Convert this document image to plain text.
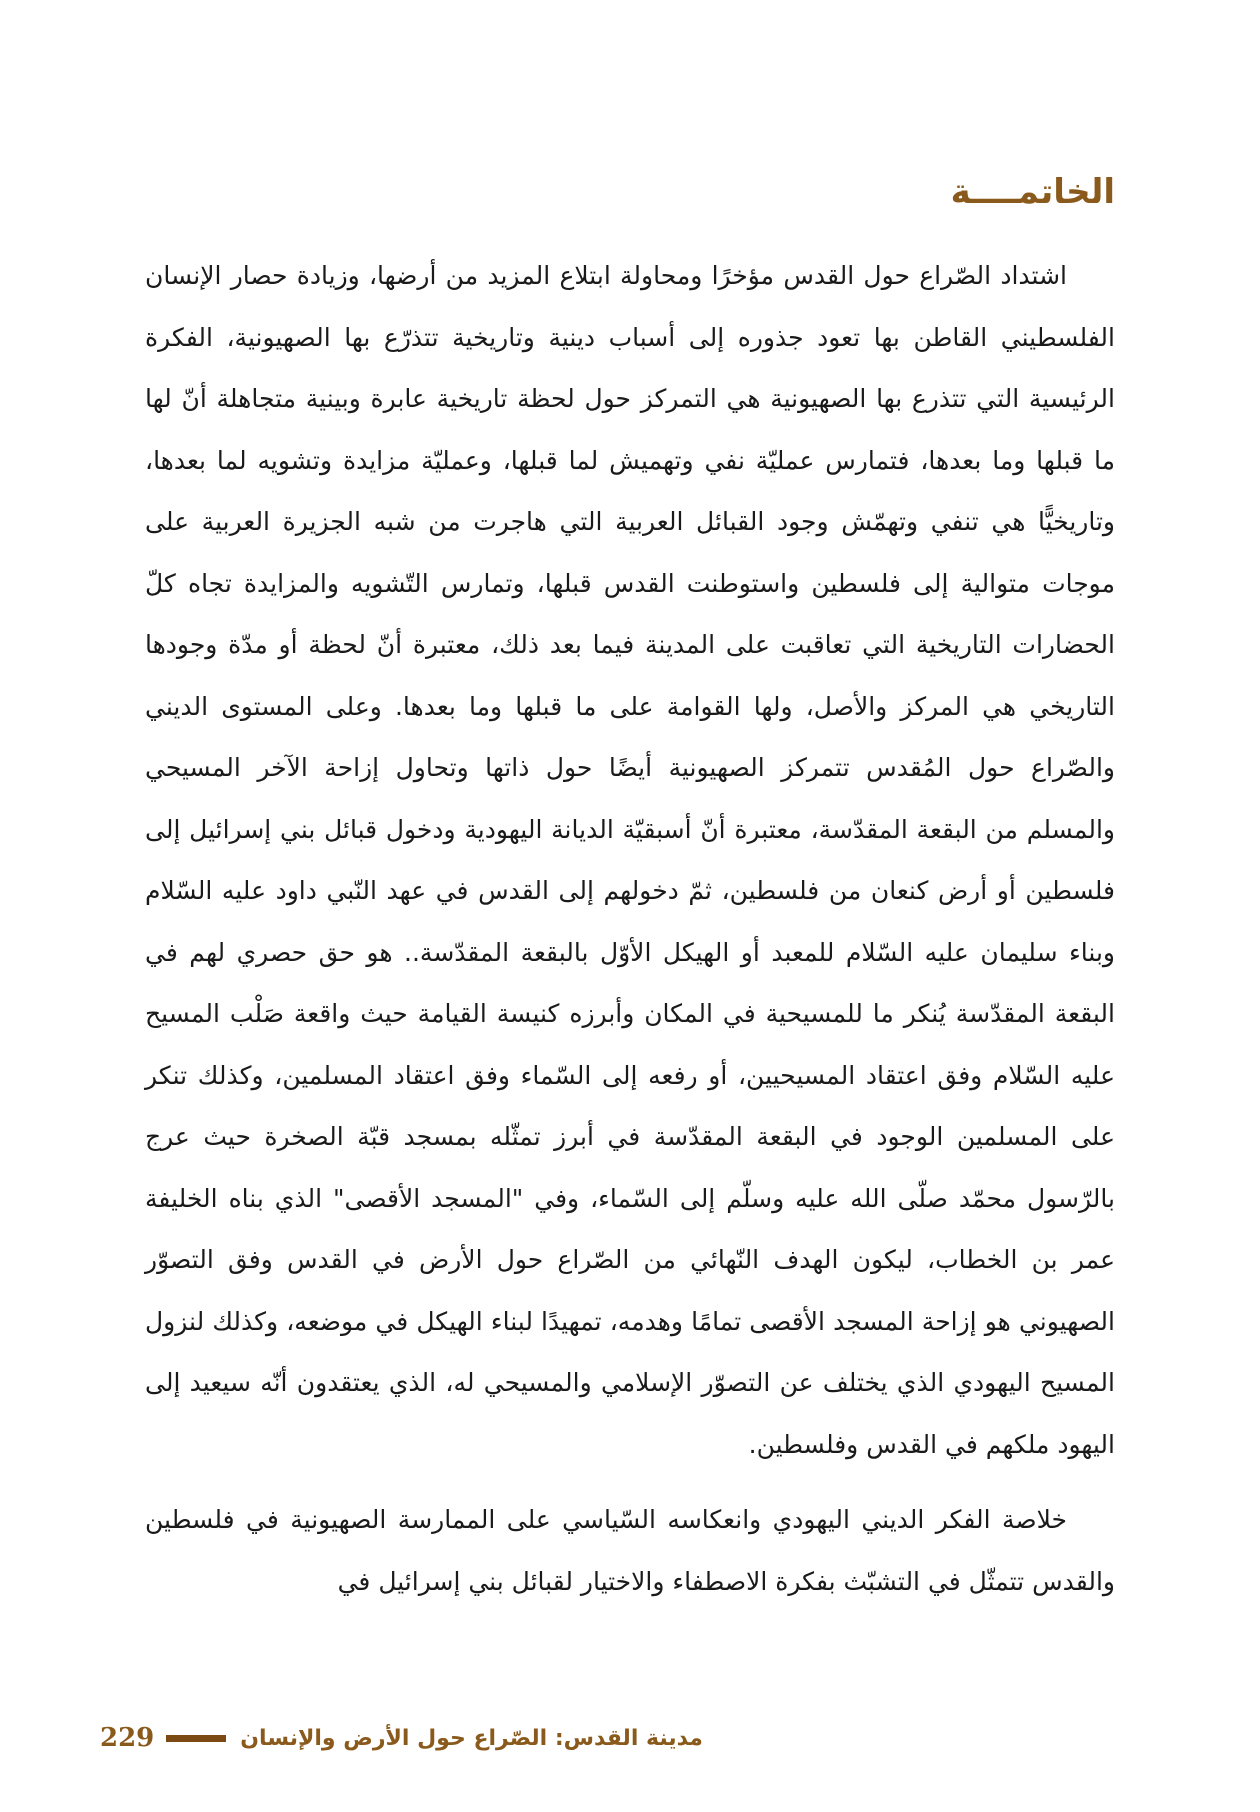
الخاتمــــة

اشتداد الصّراع حول القدس مؤخرًا ومحاولة ابتلاع المزيد من أرضها، وزيادة حصار الإنسان الفلسطيني القاطن بها تعود جذوره إلى أسباب دينية وتاريخية تتذرّع بها الصهيونية، الفكرة الرئيسية التي تتذرع بها الصهيونية هي التمركز حول لحظة تاريخية عابرة وبينية متجاهلة أنّ لها ما قبلها وما بعدها، فتمارس عمليّة نفي وتهميش لما قبلها، وعمليّة مزايدة وتشويه لما بعدها، وتاريخيًّا هي تنفي وتهمّش وجود القبائل العربية التي هاجرت من شبه الجزيرة العربية على موجات متوالية إلى فلسطين واستوطنت القدس قبلها، وتمارس التّشويه والمزايدة تجاه كلّ الحضارات التاريخية التي تعاقبت على المدينة فيما بعد ذلك، معتبرة أنّ لحظة أو مدّة وجودها التاريخي هي المركز والأصل، ولها القوامة على ما قبلها وما بعدها. وعلى المستوى الديني والصّراع حول المُقدس تتمركز الصهيونية أيضًا حول ذاتها وتحاول إزاحة الآخر المسيحي والمسلم من البقعة المقدّسة، معتبرة أنّ أسبقيّة الديانة اليهودية ودخول قبائل بني إسرائيل إلى فلسطين أو أرض كنعان من فلسطين، ثمّ دخولهم إلى القدس في عهد النّبي داود عليه السّلام وبناء سليمان عليه السّلام للمعبد أو الهيكل الأوّل بالبقعة المقدّسة.. هو حق حصري لهم في البقعة المقدّسة يُنكر ما للمسيحية في المكان وأبرزه كنيسة القيامة حيث واقعة صَلْب المسيح عليه السّلام وفق اعتقاد المسيحيين، أو رفعه إلى السّماء وفق اعتقاد المسلمين، وكذلك تنكر على المسلمين الوجود في البقعة المقدّسة في أبرز تمثّله بمسجد قبّة الصخرة حيث عرج بالرّسول محمّد صلّى الله عليه وسلّم إلى السّماء، وفي "المسجد الأقصى" الذي بناه الخليفة عمر بن الخطاب، ليكون الهدف النّهائي من الصّراع حول الأرض في القدس وفق التصوّر الصهيوني هو إزاحة المسجد الأقصى تمامًا وهدمه، تمهيدًا لبناء الهيكل في موضعه، وكذلك لنزول المسيح اليهودي الذي يختلف عن التصوّر الإسلامي والمسيحي له، الذي يعتقدون أنّه سيعيد إلى اليهود ملكهم في القدس وفلسطين.

خلاصة الفكر الديني اليهودي وانعكاسه السّياسي على الممارسة الصهيونية في فلسطين والقدس تتمثّل في التشبّث بفكرة الاصطفاء والاختيار لقبائل بني إسرائيل في

229	مدينة القدس: الصّراع حول الأرض والإنسان
